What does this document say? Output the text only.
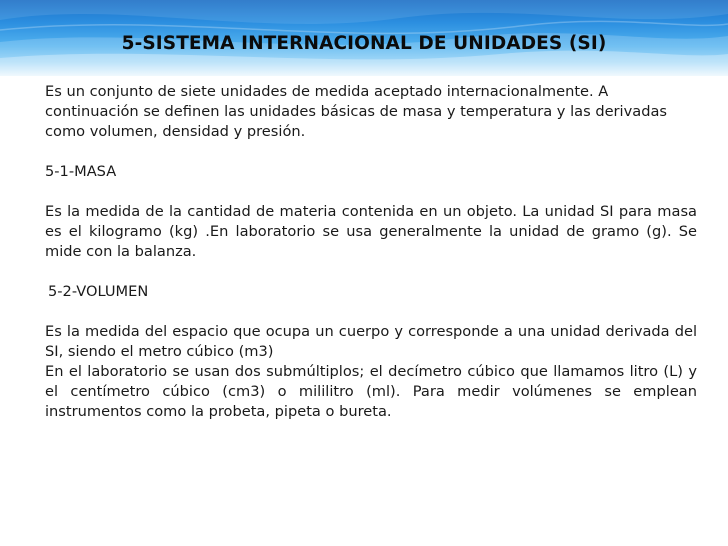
5-SISTEMA INTERNACIONAL DE UNIDADES (SI)

Es un conjunto de siete unidades de medida aceptado internacionalmente. A continuación se definen las unidades básicas de masa y temperatura y las derivadas como volumen, densidad y presión.

5-1-MASA

Es la medida de la cantidad de materia contenida en un objeto. La unidad SI para masa es el kilogramo (kg) .En laboratorio se usa generalmente la unidad de gramo (g). Se mide con la balanza.

5-2-VOLUMEN

Es la medida del espacio que ocupa un cuerpo y corresponde a una unidad derivada del SI, siendo el metro cúbico (m3)

En el laboratorio se usan dos submúltiplos; el decímetro cúbico que llamamos litro (L) y el centímetro cúbico (cm3) o mililitro (ml). Para medir volúmenes se emplean instrumentos como la probeta, pipeta o bureta.
